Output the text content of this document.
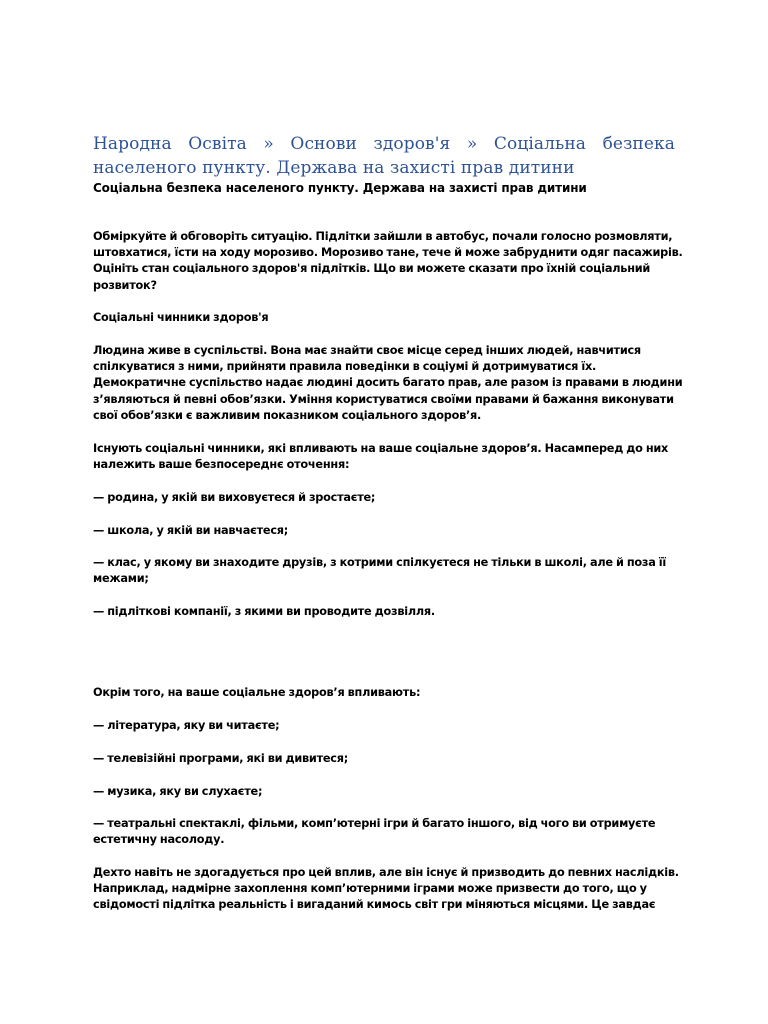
Народна Освіта » Основи здоров'я » Соціальна безпека населеного пункту. Держава на захисті прав дитини
Соціальна безпека населеного пункту. Держава на захисті прав дитини

Обміркуйте й обговоріть ситуацію. Підлітки зайшли в автобус, почали голосно розмовляти, штовхатися, їсти на ходу морозиво. Морозиво тане, тече й може забруднити одяг пасажирів. Оцініть стан соціального здоров'я підлітків. Що ви можете сказати про їхній соціальний розвиток?

Соціальні чинники здоров'я

Людина живе в суспільстві. Вона має знайти своє місце серед інших людей, навчитися спілкуватися з ними, прийняти правила поведінки в соціумі й дотримуватися їх. Демократичне суспільство надає людині досить багато прав, але разом із правами в людини з’являються й певні обов’язки. Уміння користуватися своїми правами й бажання виконувати свої обов’язки є важливим показником соціального здоров’я.

Існують соціальні чинники, які впливають на ваше соціальне здоров’я. Насамперед до них належить ваше безпосереднє оточення:

— родина, у якій ви виховуєтеся й зростаєте;

— школа, у якій ви навчаєтеся;

— клас, у якому ви знаходите друзів, з котрими спілкуєтеся не тільки в школі, але й поза її межами;

— підліткові компанії, з якими ви проводите дозвілля.

Окрім того, на ваше соціальне здоров’я впливають:

— література, яку ви читаєте;

— телевізійні програми, які ви дивитеся;

— музика, яку ви слухаєте;

— театральні спектаклі, фільми, комп’ютерні ігри й багато іншого, від чого ви отримуєте естетичну насолоду.

Дехто навіть не здогадується про цей вплив, але він існує й призводить до певних наслідків. Наприклад, надмірне захоплення комп’ютерними іграми може призвести до того, що у свідомості підлітка реальність і вигаданий кимось світ гри міняються місцями. Це завдає
